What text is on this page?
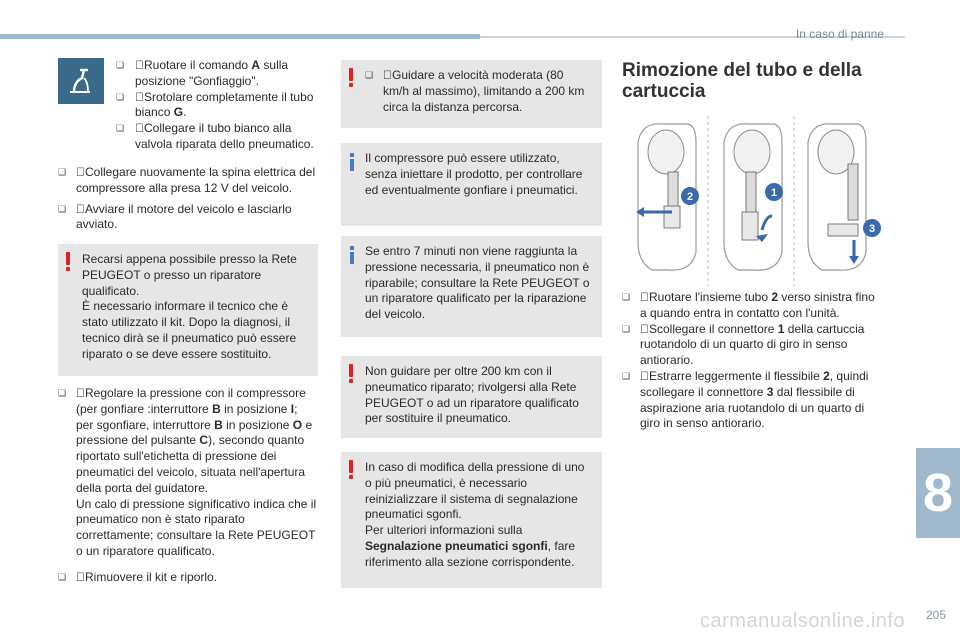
In caso di panne
❑ Ruotare il comando A sulla posizione "Gonfiaggio".
❑ Srotolare completamente il tubo bianco G.
❑ Collegare il tubo bianco alla valvola riparata dello pneumatico.
❑ Collegare nuovamente la spina elettrica del compressore alla presa 12 V del veicolo.
❑ Avviare il motore del veicolo e lasciarlo avviato.
Recarsi appena possibile presso la Rete PEUGEOT o presso un riparatore qualificato.
È necessario informare il tecnico che è stato utilizzato il kit. Dopo la diagnosi, il tecnico dirà se il pneumatico può essere riparato o se deve essere sostituito.
❑ Regolare la pressione con il compressore (per gonfiare :interruttore B in posizione I; per sgonfiare, interruttore B in posizione O e pressione del pulsante C), secondo quanto riportato sull'etichetta di pressione dei pneumatici del veicolo, situata nell'apertura della porta del guidatore.
Un calo di pressione significativo indica che il pneumatico non è stato riparato correttamente; consultare la Rete PEUGEOT o un riparatore qualificato.
❑ Rimuovere il kit e riporlo.
❑ Guidare a velocità moderata (80 km/h al massimo), limitando a 200 km circa la distanza percorsa.
Il compressore può essere utilizzato, senza iniettare il prodotto, per controllare ed eventualmente gonfiare i pneumatici.
Se entro 7 minuti non viene raggiunta la pressione necessaria, il pneumatico non è riparabile; consultare la Rete PEUGEOT o un riparatore qualificato per la riparazione del veicolo.
Non guidare per oltre 200 km con il pneumatico riparato; rivolgersi alla Rete PEUGEOT o ad un riparatore qualificato per sostituire il pneumatico.
In caso di modifica della pressione di uno o più pneumatici, è necessario reinizializzare il sistema di segnalazione pneumatici sgonfi.
Per ulteriori informazioni sulla Segnalazione pneumatici sgonfi, fare riferimento alla sezione corrispondente.
Rimozione del tubo e della cartuccia
2	1
3
❑ Ruotare l'insieme tubo 2 verso sinistra fino a quando entra in contatto con l'unità.
❑ Scollegare il connettore 1 della cartuccia ruotandolo di un quarto di giro in senso antiorario.
❑ Estrarre leggermente il flessibile 2, quindi scollegare il connettore 3 dal flessibile di aspirazione aria ruotandolo di un quarto di giro in senso antiorario.
8
205
carmanualsonline.info
